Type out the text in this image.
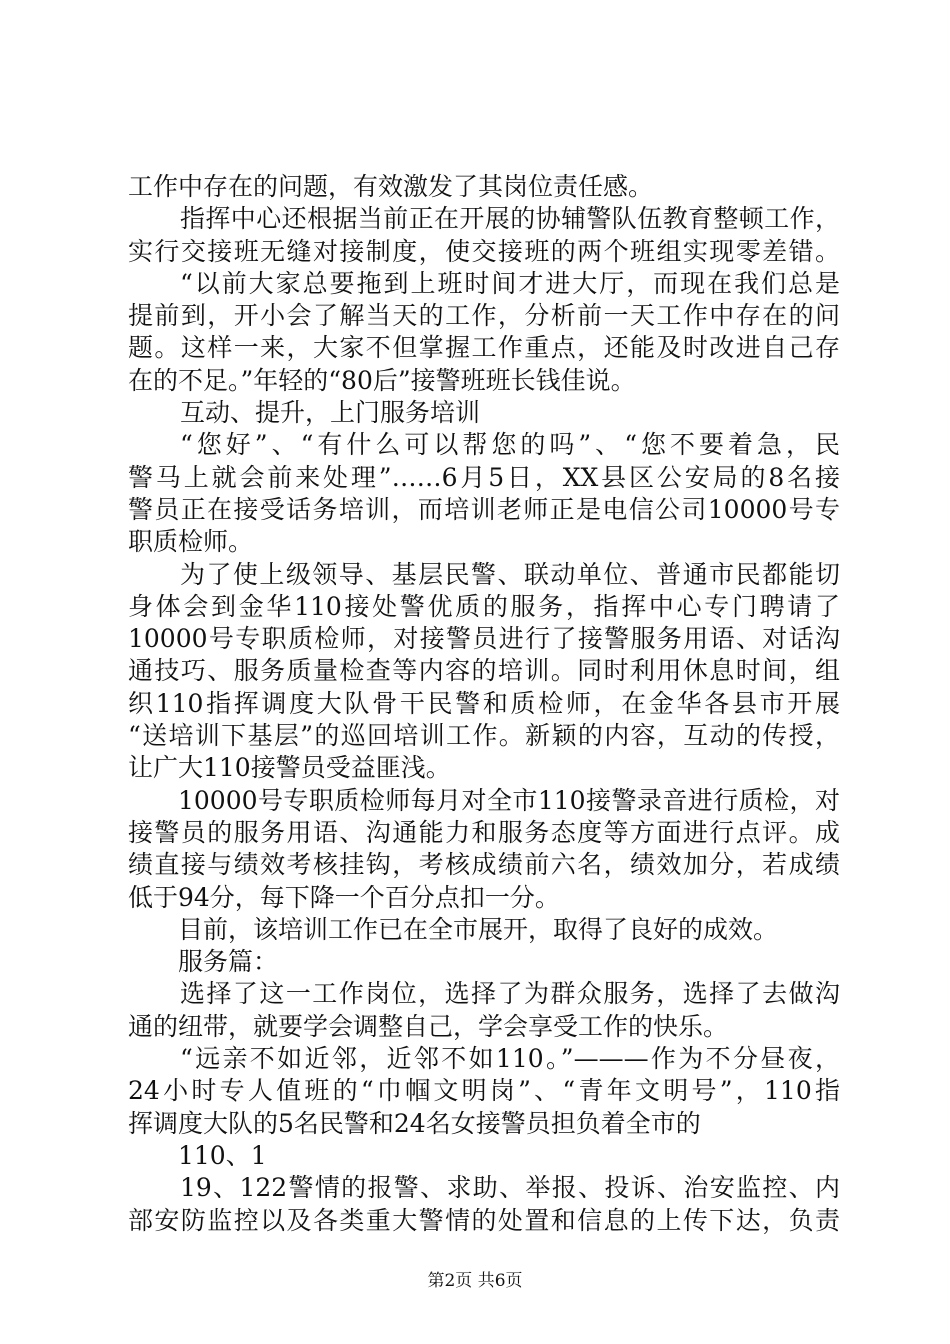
工作中存在的问题，有效激发了其岗位责任感。
指挥中心还根据当前正在开展的协辅警队伍教育整顿工作，
实行交接班无缝对接制度，使交接班的两个班组实现零差错。
“以前大家总要拖到上班时间才进大厅，而现在我们总是
提前到，开小会了解当天的工作，分析前一天工作中存在的问
题。这样一来，大家不但掌握工作重点，还能及时改进自己存
在的不足。”年轻的“80后”接警班班长钱佳说。
互动、提升，上门服务培训
“您好”、“有什么可以帮您的吗”、“您不要着急，民
警马上就会前来处理”……6月5日，XX县区公安局的8名接
警员正在接受话务培训，而培训老师正是电信公司10000号专
职质检师。
为了使上级领导、基层民警、联动单位、普通市民都能切
身体会到金华110接处警优质的服务，指挥中心专门聘请了
10000号专职质检师，对接警员进行了接警服务用语、对话沟
通技巧、服务质量检查等内容的培训。同时利用休息时间，组
织110指挥调度大队骨干民警和质检师，在金华各县市开展
“送培训下基层”的巡回培训工作。新颖的内容，互动的传授，
让广大110接警员受益匪浅。
10000号专职质检师每月对全市110接警录音进行质检，对
接警员的服务用语、沟通能力和服务态度等方面进行点评。成
绩直接与绩效考核挂钩，考核成绩前六名，绩效加分，若成绩
低于94分，每下降一个百分点扣一分。
目前，该培训工作已在全市展开，取得了良好的成效。
服务篇：
选择了这一工作岗位，选择了为群众服务，选择了去做沟
通的纽带，就要学会调整自己，学会享受工作的快乐。
“远亲不如近邻，近邻不如110。”———作为不分昼夜，
24小时专人值班的“巾帼文明岗”、“青年文明号”，110指
挥调度大队的5名民警和24名女接警员担负着全市的
110、1
19、122警情的报警、求助、举报、投诉、治安监控、内
部安防监控以及各类重大警情的处置和信息的上传下达，负责
第2页 共6页
